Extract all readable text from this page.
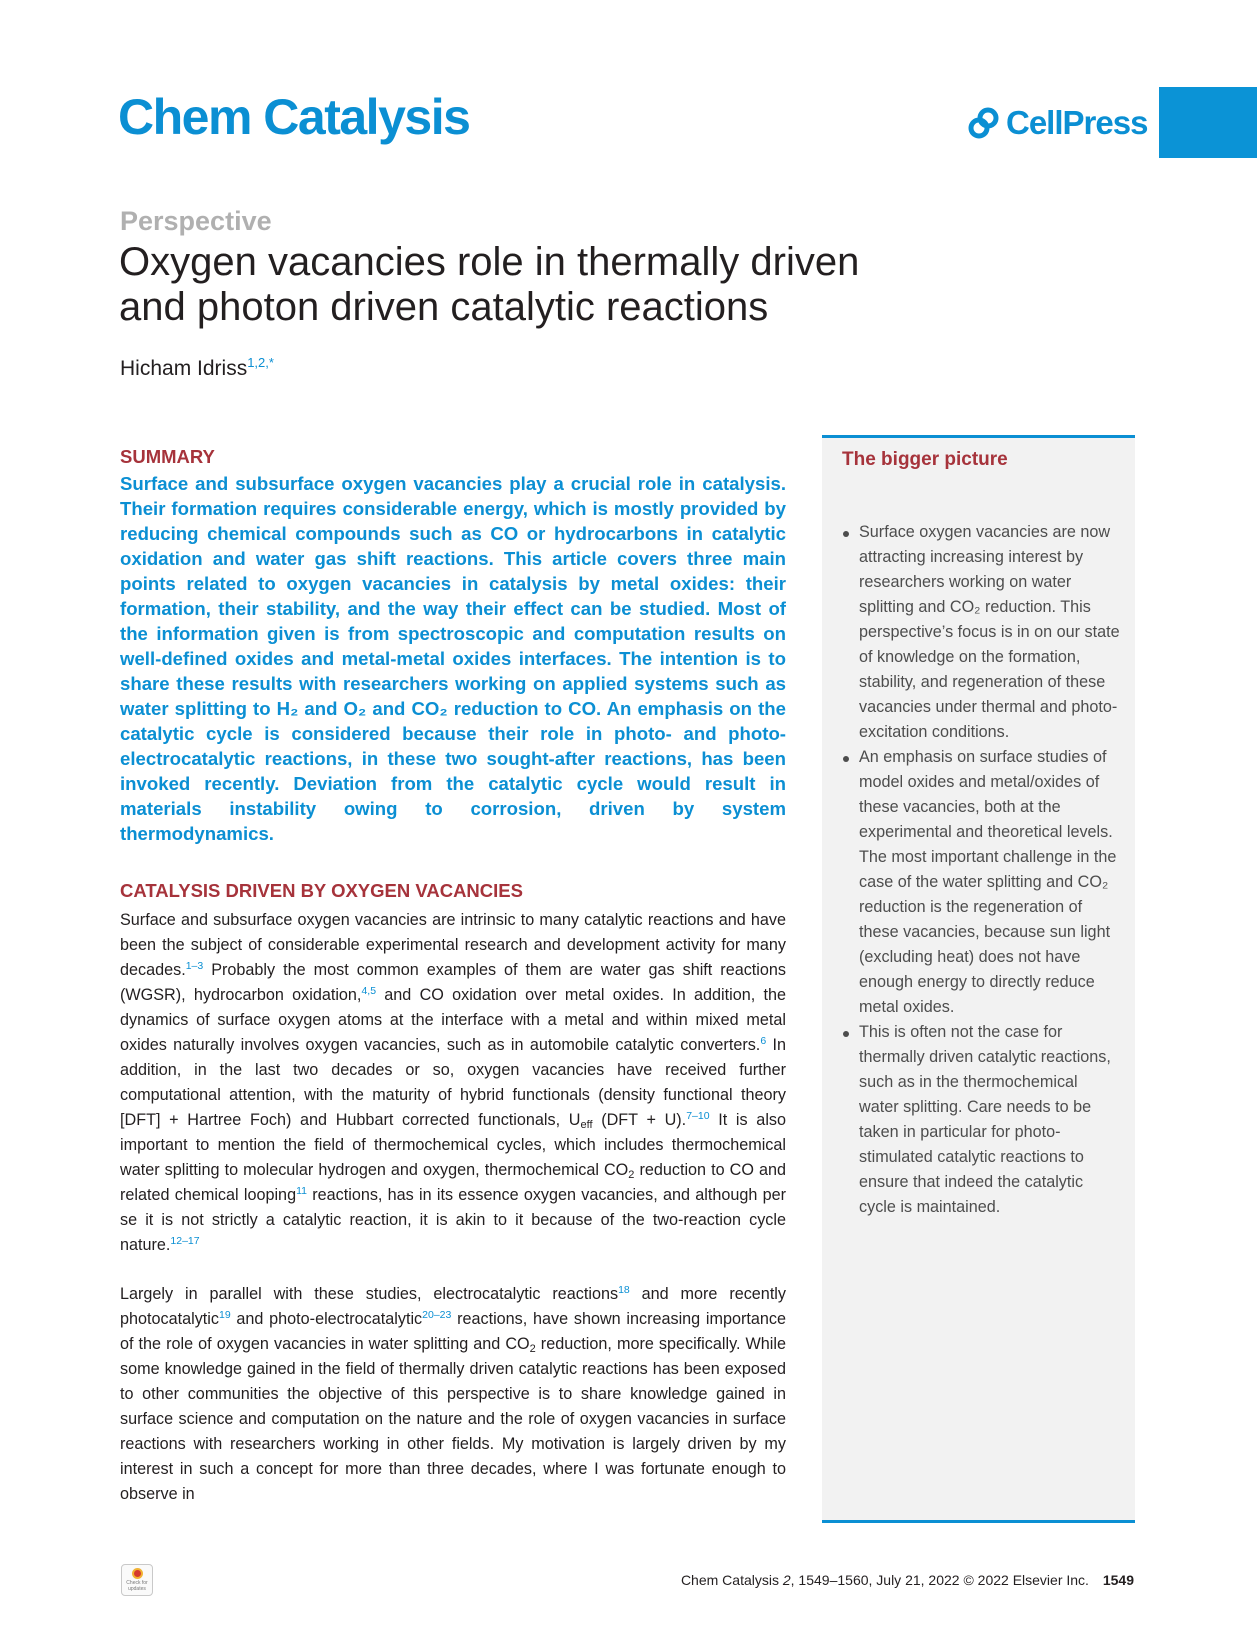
Chem Catalysis	CellPress
Perspective
Oxygen vacancies role in thermally driven and photon driven catalytic reactions
Hicham Idriss$^{1,2,*}$
SUMMARY

Surface and subsurface oxygen vacancies play a crucial role in catalysis. Their formation requires considerable energy, which is mostly provided by reducing chemical compounds such as CO or hydrocarbons in catalytic oxidation and water gas shift reactions. This article covers three main points related to oxygen vacancies in catalysis by metal oxides: their formation, their stability, and the way their effect can be studied. Most of the information given is from spectroscopic and computation results on well-defined oxides and metal-metal oxides interfaces. The intention is to share these results with researchers working on applied systems such as water splitting to H₂ and O₂ and CO₂ reduction to CO. An emphasis on the catalytic cycle is considered because their role in photo- and photo-electrocatalytic reactions, in these two sought-after reactions, has been invoked recently. Deviation from the catalytic cycle would result in materials instability owing to corrosion, driven by system thermodynamics.

CATALYSIS DRIVEN BY OXYGEN VACANCIES

Surface and subsurface oxygen vacancies are intrinsic to many catalytic reactions and have been the subject of considerable experimental research and development activity for many decades.$^{1-3}$ Probably the most common examples of them are water gas shift reactions (WGSR), hydrocarbon oxidation,$^{4,5}$ and CO oxidation over metal oxides. In addition, the dynamics of surface oxygen atoms at the interface with a metal and within mixed metal oxides naturally involves oxygen vacancies, such as in automobile catalytic converters.$^6$ In addition, in the last two decades or so, oxygen vacancies have received further computational attention, with the maturity of hybrid functionals (density functional theory [DFT] + Hartree Foch) and Hubbart corrected functionals, $U_{eff}$ (DFT + U).$^{7-10}$ It is also important to mention the field of thermochemical cycles, which includes thermochemical water splitting to molecular hydrogen and oxygen, thermochemical $CO_2$ reduction to CO and related chemical looping$^{11}$ reactions, has in its essence oxygen vacancies, and although per se it is not strictly a catalytic reaction, it is akin to it because of the two-reaction cycle nature.$^{12-17}$

Largely in parallel with these studies, electrocatalytic reactions$^{18}$ and more recently photocatalytic$^{19}$ and photo-electrocatalytic$^{20-23}$ reactions, have shown increasing importance of the role of oxygen vacancies in water splitting and $CO_2$ reduction, more specifically. While some knowledge gained in the field of thermally driven catalytic reactions has been exposed to other communities the objective of this perspective is to share knowledge gained in surface science and computation on the nature and the role of oxygen vacancies in surface reactions with researchers working in other fields. My motivation is largely driven by my interest in such a concept for more than three decades, where I was fortunate enough to observe in

The bigger picture
Surface oxygen vacancies are now attracting increasing interest by researchers working on water splitting and CO₂ reduction. This perspective’s focus is in on our state of knowledge on the formation, stability, and regeneration of these vacancies under thermal and photo-excitation conditions.
An emphasis on surface studies of model oxides and metal/oxides of these vacancies, both at the experimental and theoretical levels. The most important challenge in the case of the water splitting and CO₂ reduction is the regeneration of these vacancies, because sun light (excluding heat) does not have enough energy to directly reduce metal oxides.
This is often not the case for thermally driven catalytic reactions, such as in the thermochemical water splitting. Care needs to be taken in particular for photo-stimulated catalytic reactions to ensure that indeed the catalytic cycle is maintained.
Check for updates
Chem Catalysis 2, 1549–1560, July 21, 2022 © 2022 Elsevier Inc. 1549
